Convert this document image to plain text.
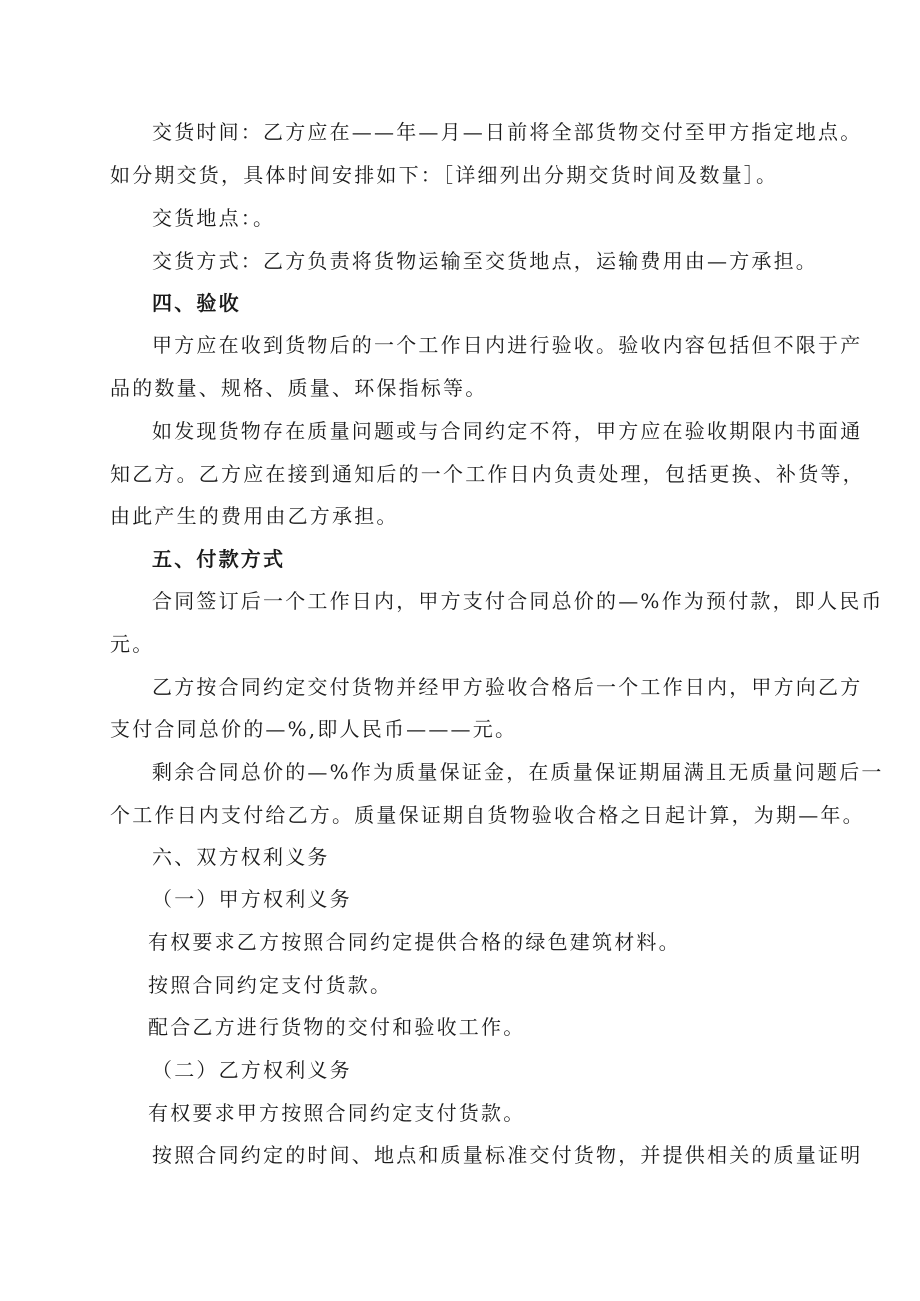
交货时间：乙方应在——年—月—日前将全部货物交付至甲方指定地点。

如分期交货，具体时间安排如下：［详细列出分期交货时间及数量］。

交货地点：。

交货方式：乙方负责将货物运输至交货地点，运输费用由—方承担。

四、验收

甲方应在收到货物后的一个工作日内进行验收。验收内容包括但不限于产

品的数量、规格、质量、环保指标等。

如发现货物存在质量问题或与合同约定不符，甲方应在验收期限内书面通

知乙方。乙方应在接到通知后的一个工作日内负责处理，包括更换、补货等，

由此产生的费用由乙方承担。

五、付款方式

合同签订后一个工作日内，甲方支付合同总价的—%作为预付款，即人民币

元。

乙方按合同约定交付货物并经甲方验收合格后一个工作日内，甲方向乙方

支付合同总价的—%,即人民币———元。

剩余合同总价的—%作为质量保证金，在质量保证期届满且无质量问题后一

个工作日内支付给乙方。质量保证期自货物验收合格之日起计算，为期—年。

六、双方权利义务

（一）甲方权利义务

有权要求乙方按照合同约定提供合格的绿色建筑材料。

按照合同约定支付货款。

配合乙方进行货物的交付和验收工作。

（二）乙方权利义务

有权要求甲方按照合同约定支付货款。

按照合同约定的时间、地点和质量标准交付货物，并提供相关的质量证明
